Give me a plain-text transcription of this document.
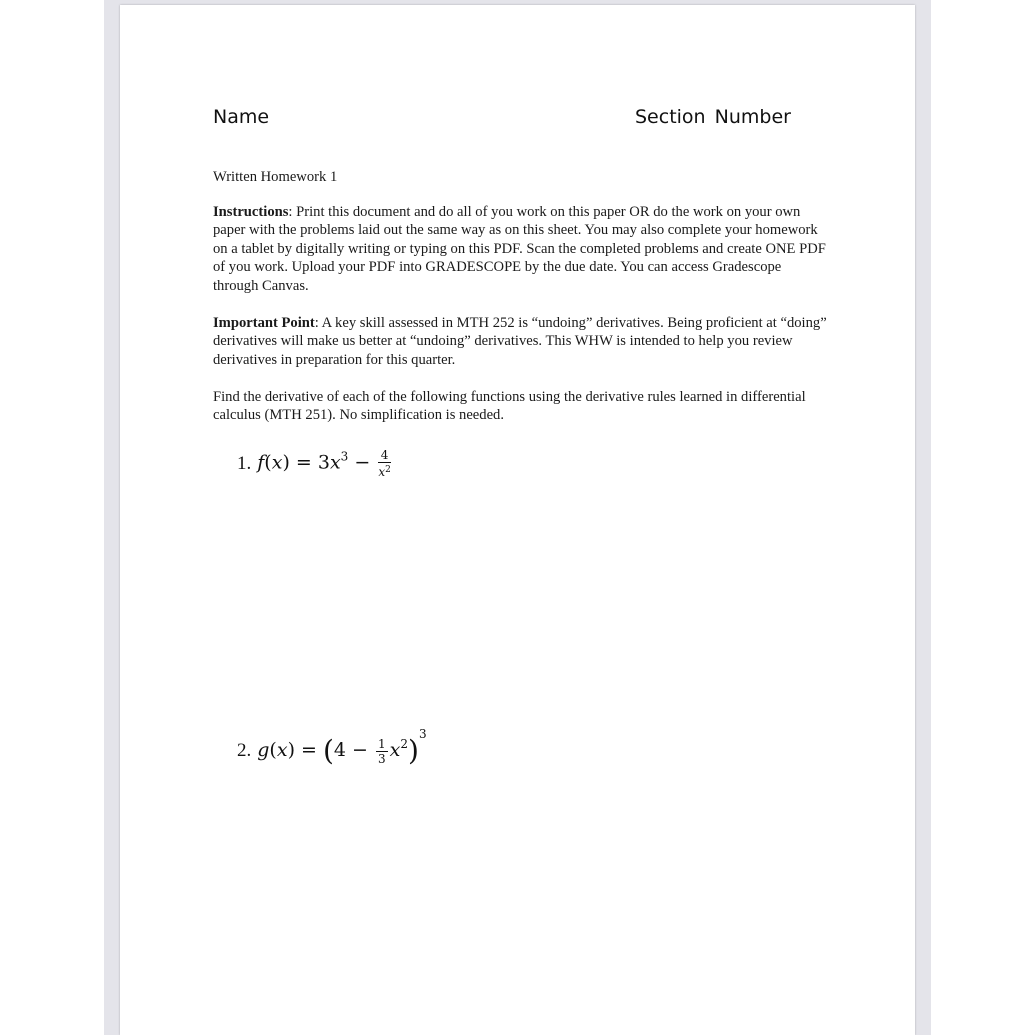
Name	Section Number

Written Homework 1

Instructions: Print this document and do all of you work on this paper OR do the work on your own paper with the problems laid out the same way as on this sheet. You may also complete your homework on a tablet by digitally writing or typing on this PDF. Scan the completed problems and create ONE PDF of you work. Upload your PDF into GRADESCOPE by the due date. You can access Gradescope through Canvas.

Important Point: A key skill assessed in MTH 252 is “undoing” derivatives. Being proficient at “doing” derivatives will make us better at “undoing” derivatives. This WHW is intended to help you review derivatives in preparation for this quarter.

Find the derivative of each of the following functions using the derivative rules learned in differential calculus (MTH 251). No simplification is needed.

1. $f(x) = 3x^3 - \frac{4}{x^2}$
2. $g(x) = (4 - \frac{1}{3} x^2)^3$
